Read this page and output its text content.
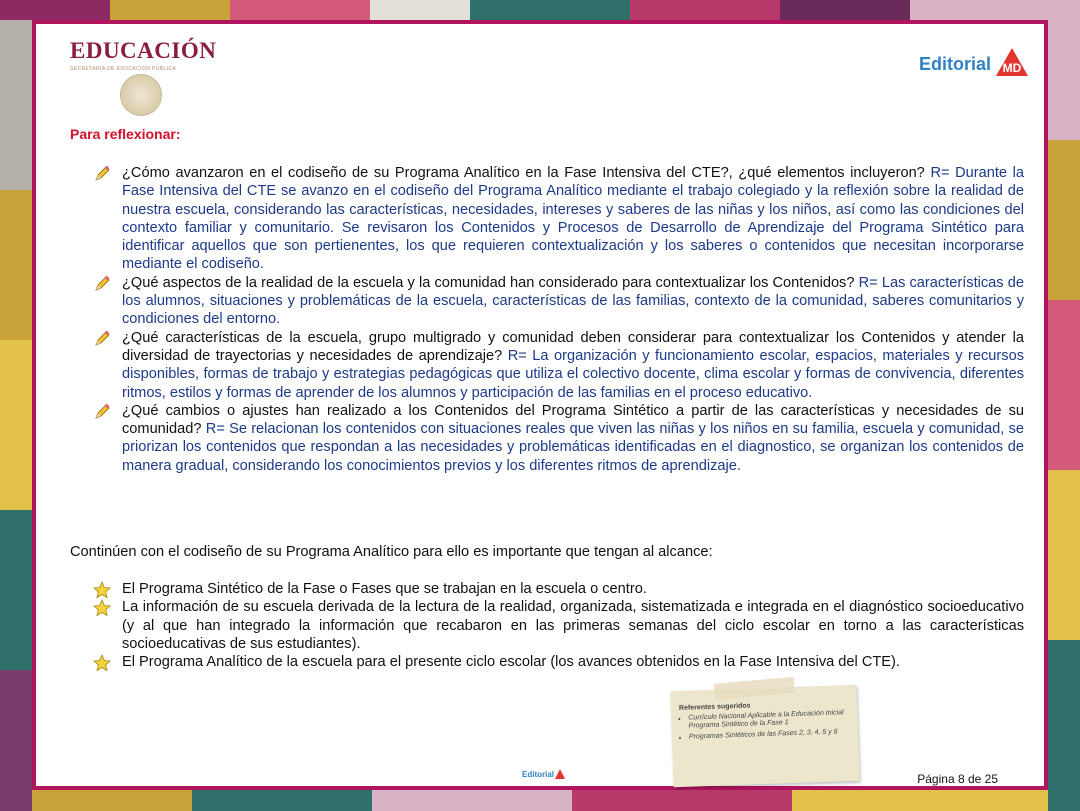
EDUCACIÓN
SECRETARÍA DE EDUCACIÓN PÚBLICA	Editorial MD
Para reflexionar:
¿Cómo avanzaron en el codiseño de su Programa Analítico en la Fase Intensiva del CTE?, ¿qué elementos incluyeron? R= Durante la Fase Intensiva del CTE se avanzo en el codiseño del Programa Analítico mediante el trabajo colegiado y la reflexión sobre la realidad de nuestra escuela, considerando las características, necesidades, intereses y saberes de las niñas y los niños, así como las condiciones del contexto familiar y comunitario. Se revisaron los Contenidos y Procesos de Desarrollo de Aprendizaje del Programa Sintético para identificar aquellos que son pertienentes, los que requieren contextualización y los saberes o contenidos que necesitan incorporarse mediante el codiseño.
¿Qué aspectos de la realidad de la escuela y la comunidad han considerado para contextualizar los Contenidos? R= Las características de los alumnos, situaciones y problemáticas de la escuela, características de las familias, contexto de la comunidad, saberes comunitarios y condiciones del entorno.
¿Qué características de la escuela, grupo multigrado y comunidad deben considerar para contextualizar los Contenidos y atender la diversidad de trayectorias y necesidades de aprendizaje? R= La organización y funcionamiento escolar, espacios, materiales y recursos disponibles, formas de trabajo y estrategias pedagógicas que utiliza el colectivo docente, clima escolar y formas de convivencia, diferentes ritmos, estilos y formas de aprender de los alumnos y participación de las familias en el proceso educativo.
¿Qué cambios o ajustes han realizado a los Contenidos del Programa Sintético a partir de las características y necesidades de su comunidad? R= Se relacionan los contenidos con situaciones reales que viven las niñas y los niños en su familia, escuela y comunidad, se priorizan los contenidos que respondan a las necesidades y problemáticas identificadas en el diagnostico, se organizan los contenidos de manera gradual, considerando los conocimientos previos y los diferentes ritmos de aprendizaje.
Continúen con el codiseño de su Programa Analítico para ello es importante que tengan al alcance:
El Programa Sintético de la Fase o Fases que se trabajan en la escuela o centro.
La información de su escuela derivada de la lectura de la realidad, organizada, sistematizada e integrada en el diagnóstico socioeducativo (y al que han integrado la información que recabaron en las primeras semanas del ciclo escolar en torno a las características socioeducativas de sus estudiantes).
El Programa Analítico de la escuela para el presente ciclo escolar (los avances obtenidos en la Fase Intensiva del CTE).
Referentes sugeridos
• Currículo Nacional Aplicable a la Educación Inicial Programa Sintético de la Fase 1
• Programas Sintéticos de las Fases 2, 3, 4, 5 y 6
Editorial	Página 8 de 25
